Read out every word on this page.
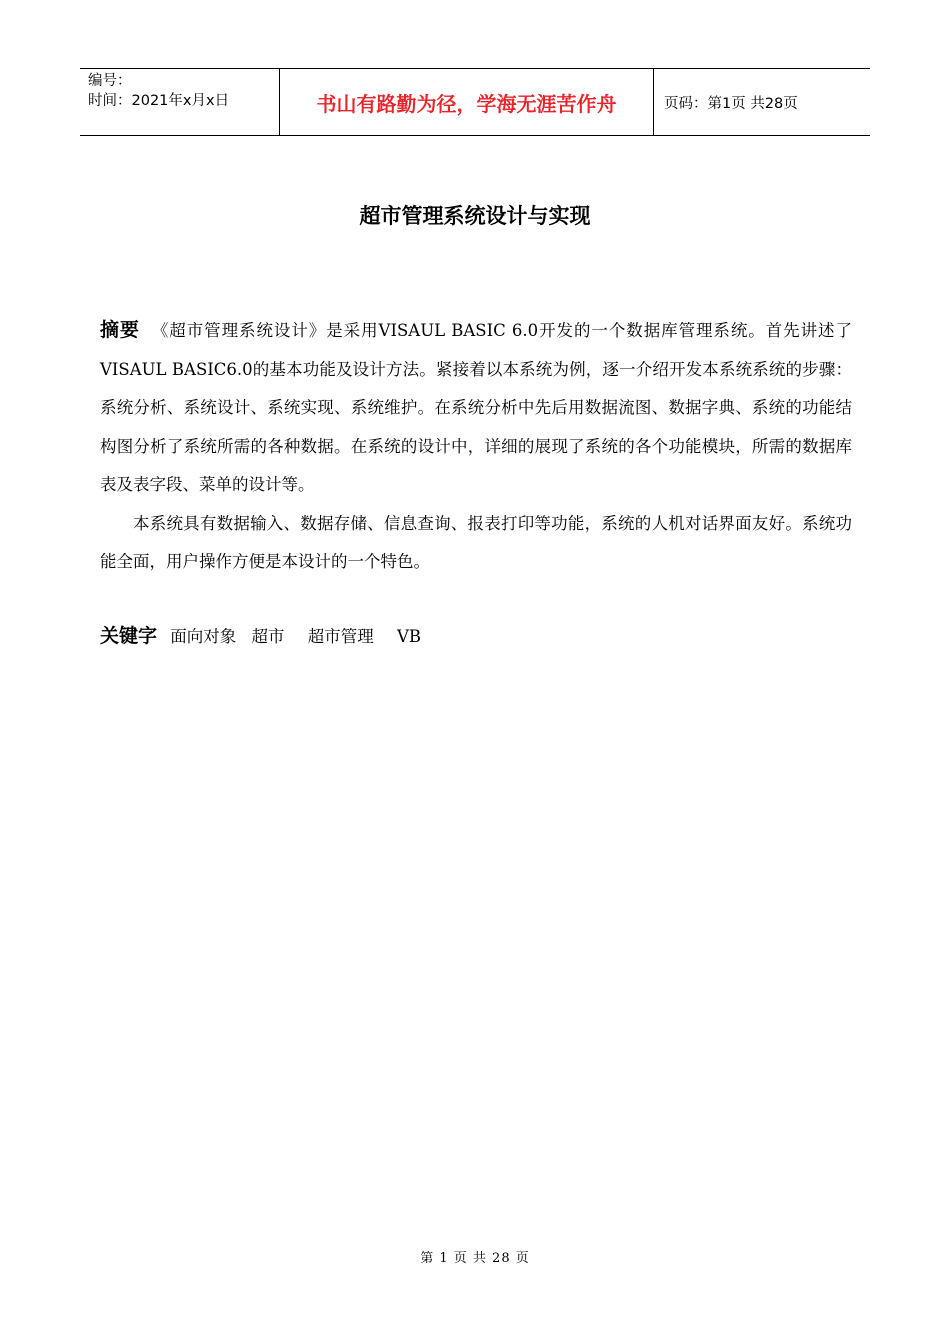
编号：
时间：2021年x月x日	书山有路勤为径，学海无涯苦作舟	页码：第1页 共28页
超市管理系统设计与实现

摘要 《超市管理系统设计》是采用VISAUL BASIC 6.0开发的一个数据库管理系统。首先讲述了VISAUL BASIC6.0的基本功能及设计方法。紧接着以本系统为例，逐一介绍开发本系统系统的步骤：系统分析、系统设计、系统实现、系统维护。在系统分析中先后用数据流图、数据字典、系统的功能结构图分析了系统所需的各种数据。在系统的设计中，详细的展现了系统的各个功能模块，所需的数据库表及表字段、菜单的设计等。

本系统具有数据输入、数据存储、信息查询、报表打印等功能，系统的人机对话界面友好。系统功能全面，用户操作方便是本设计的一个特色。

关键字 面向对象 超市 超市管理 VB
第 1 页 共 28 页
